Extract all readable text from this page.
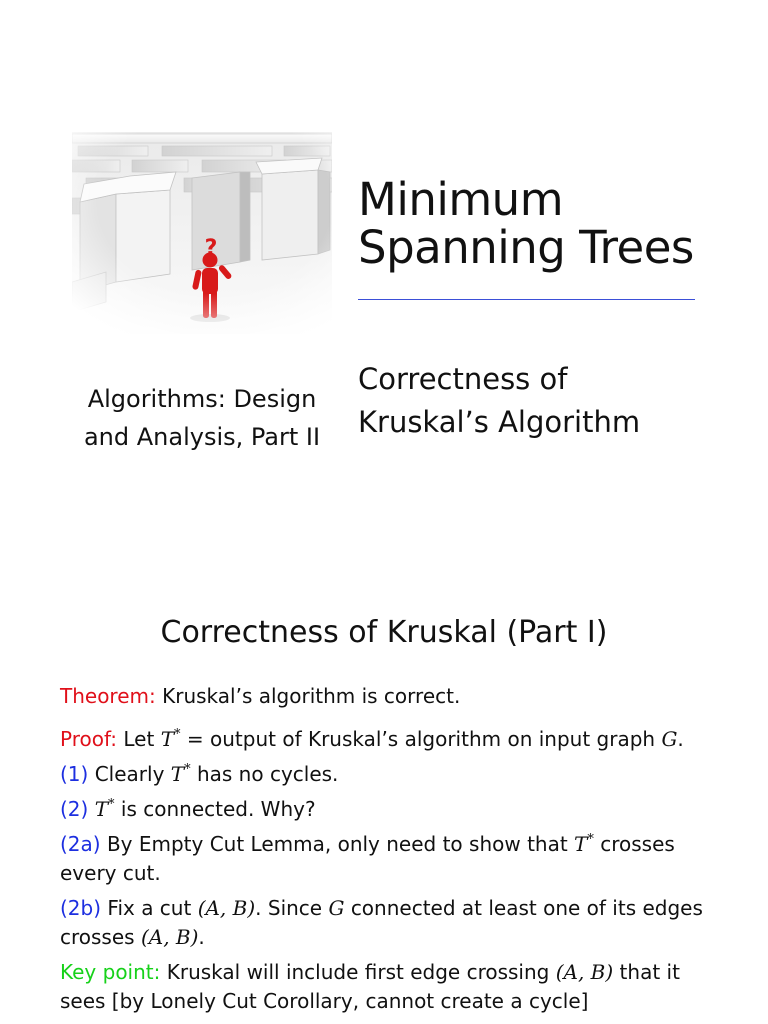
Minimum
Spanning Trees
Correctness of
Kruskal’s Algorithm
Algorithms: Design
and Analysis, Part II
Correctness of Kruskal (Part I)
Theorem: Kruskal’s algorithm is correct.
Proof: Let T* = output of Kruskal’s algorithm on input graph G.
(1) Clearly T* has no cycles.
(2) T* is connected. Why?
(2a) By Empty Cut Lemma, only need to show that T* crosses
every cut.
(2b) Fix a cut (A, B). Since G connected at least one of its edges
crosses (A, B).
Key point: Kruskal will include first edge crossing (A, B) that it
sees [by Lonely Cut Corollary, cannot create a cycle]
